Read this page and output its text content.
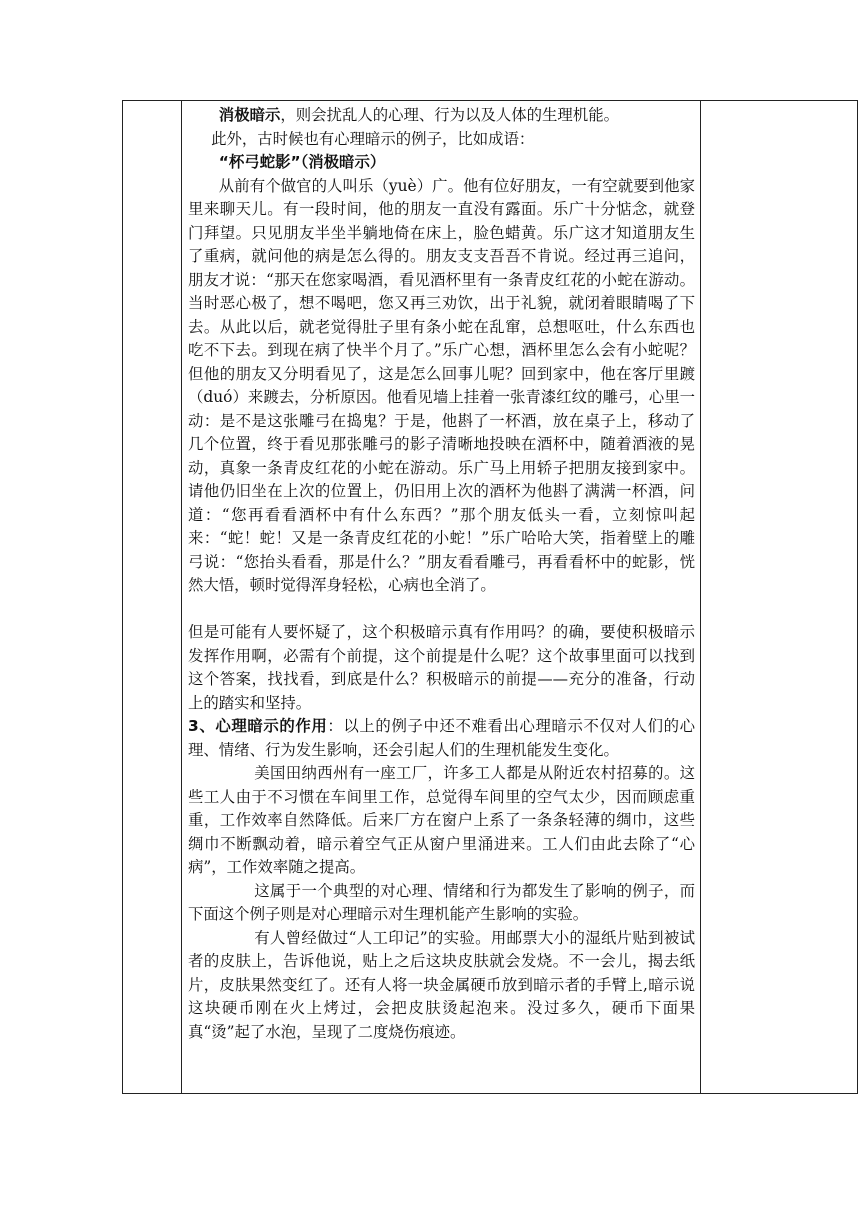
消极暗示，则会扰乱人的心理、行为以及人体的生理机能。

此外，古时候也有心理暗示的例子，比如成语：

“杯弓蛇影”（消极暗示）

从前有个做官的人叫乐（yuè）广。他有位好朋友，一有空就要到他家里来聊天儿。有一段时间，他的朋友一直没有露面。乐广十分惦念，就登门拜望。只见朋友半坐半躺地倚在床上，脸色蜡黄。乐广这才知道朋友生了重病，就问他的病是怎么得的。朋友支支吾吾不肯说。经过再三追问，朋友才说：“那天在您家喝酒，看见酒杯里有一条青皮红花的小蛇在游动。当时恶心极了，想不喝吧，您又再三劝饮，出于礼貌，就闭着眼睛喝了下去。从此以后，就老觉得肚子里有条小蛇在乱窜，总想呕吐，什么东西也吃不下去。到现在病了快半个月了。”乐广心想，酒杯里怎么会有小蛇呢？但他的朋友又分明看见了，这是怎么回事儿呢？回到家中，他在客厅里踱（duó）来踱去，分析原因。他看见墙上挂着一张青漆红纹的雕弓，心里一动：是不是这张雕弓在捣鬼？于是，他斟了一杯酒，放在桌子上，移动了几个位置，终于看见那张雕弓的影子清晰地投映在酒杯中，随着酒液的晃动，真象一条青皮红花的小蛇在游动。乐广马上用轿子把朋友接到家中。请他仍旧坐在上次的位置上，仍旧用上次的酒杯为他斟了满满一杯酒，问道：“您再看看酒杯中有什么东西？”那个朋友低头一看，立刻惊叫起来：“蛇！蛇！又是一条青皮红花的小蛇！”乐广哈哈大笑，指着壁上的雕弓说：“您抬头看看，那是什么？”朋友看看雕弓，再看看杯中的蛇影，恍然大悟，顿时觉得浑身轻松，心病也全消了。

但是可能有人要怀疑了，这个积极暗示真有作用吗？的确，要使积极暗示发挥作用啊，必需有个前提，这个前提是什么呢？这个故事里面可以找到这个答案，找找看，到底是什么？积极暗示的前提——充分的准备，行动上的踏实和坚持。

3、心理暗示的作用：以上的例子中还不难看出心理暗示不仅对人们的心理、情绪、行为发生影响，还会引起人们的生理机能发生变化。

美国田纳西州有一座工厂，许多工人都是从附近农村招募的。这些工人由于不习惯在车间里工作，总觉得车间里的空气太少，因而顾虑重重，工作效率自然降低。后来厂方在窗户上系了一条条轻薄的绸巾，这些绸巾不断飘动着，暗示着空气正从窗户里涌进来。工人们由此去除了“心病”，工作效率随之提高。

这属于一个典型的对心理、情绪和行为都发生了影响的例子，而下面这个例子则是对心理暗示对生理机能产生影响的实验。

有人曾经做过“人工印记”的实验。用邮票大小的湿纸片贴到被试者的皮肤上，告诉他说，贴上之后这块皮肤就会发烧。不一会儿，揭去纸片，皮肤果然变红了。还有人将一块金属硬币放到暗示者的手臂上,暗示说这块硬币刚在火上烤过，会把皮肤烫起泡来。没过多久，硬币下面果真“烫”起了水泡，呈现了二度烧伤痕迹。
